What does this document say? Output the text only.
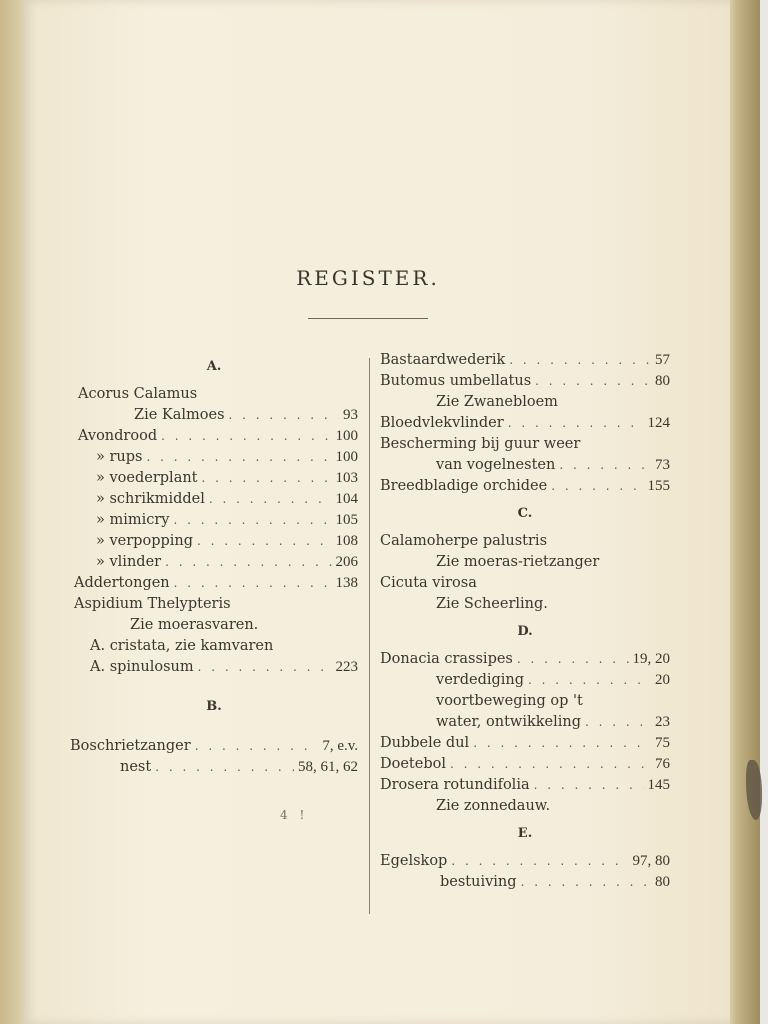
REGISTER.
A.
Acorus Calamus
Zie Kalmoes . . .	93
Avondrood . . .	100
» rups . . .	100
» voederplant . . .	103
» schrikmiddel . . .	104
» mimicry . . .	105
» verpopping . . .	108
» vlinder . . .	206
Addertongen . . .	138
Aspidium Thelypteris
Zie moerasvaren.
A. cristata, zie kamvaren
A. spinulosum . . .	223
B.
Boschrietzanger . . .	7, e.v.
nest . . .	58, 61, 62
Bastaardwederik . . .	57
Butomus umbellatus . . .	80
Zie Zwanebloem
Bloedvlekvlinder . . .	124
Bescherming bij guur weer
van vogelnesten . . .	73
Breedbladige orchidee . . .	155
C.
Calamoherpe palustris
Zie moeras-rietzanger
Cicuta virosa
Zie Scheerling.
D.
Donacia crassipes . . .	19, 20
verdediging . . .	20
voortbeweging op 't
water, ontwikkeling . . .	23
Dubbele dul . . .	75
Doetebol . . .	76
Drosera rotundifolia . . .	145
Zie zonnedauw.
E.
Egelskop . . .	97, 80
bestuiving . . .	80
4 !
